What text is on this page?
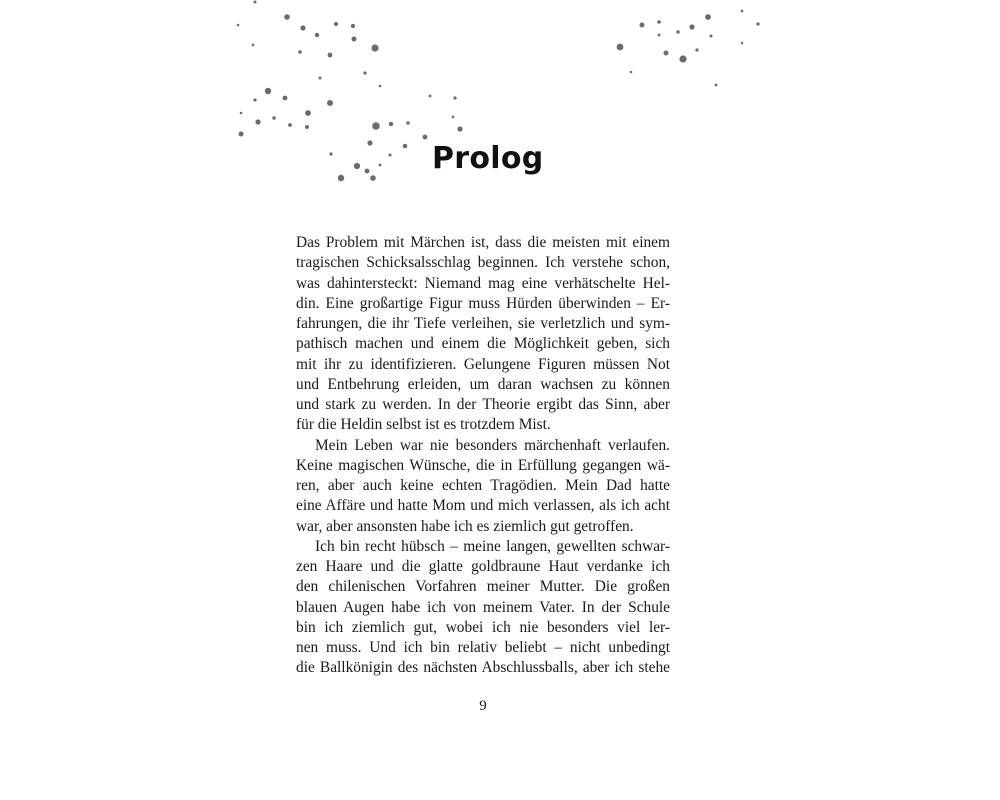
Prolog
Das Problem mit Märchen ist, dass die meisten mit einem
tragischen Schicksalsschlag beginnen. Ich verstehe schon,
was dahintersteckt: Niemand mag eine verhätschelte Hel-
din. Eine großartige Figur muss Hürden überwinden – Er-
fahrungen, die ihr Tiefe verleihen, sie verletzlich und sym-
pathisch machen und einem die Möglichkeit geben, sich
mit ihr zu identifizieren. Gelungene Figuren müssen Not
und Entbehrung erleiden, um daran wachsen zu können
und stark zu werden. In der Theorie ergibt das Sinn, aber
für die Heldin selbst ist es trotzdem Mist.
Mein Leben war nie besonders märchenhaft verlaufen.
Keine magischen Wünsche, die in Erfüllung gegangen wä-
ren, aber auch keine echten Tragödien. Mein Dad hatte
eine Affäre und hatte Mom und mich verlassen, als ich acht
war, aber ansonsten habe ich es ziemlich gut getroffen.
Ich bin recht hübsch – meine langen, gewellten schwar-
zen Haare und die glatte goldbraune Haut verdanke ich
den chilenischen Vorfahren meiner Mutter. Die großen
blauen Augen habe ich von meinem Vater. In der Schule
bin ich ziemlich gut, wobei ich nie besonders viel ler-
nen muss. Und ich bin relativ beliebt – nicht unbedingt
die Ballkönigin des nächsten Abschlussballs, aber ich stehe
9
